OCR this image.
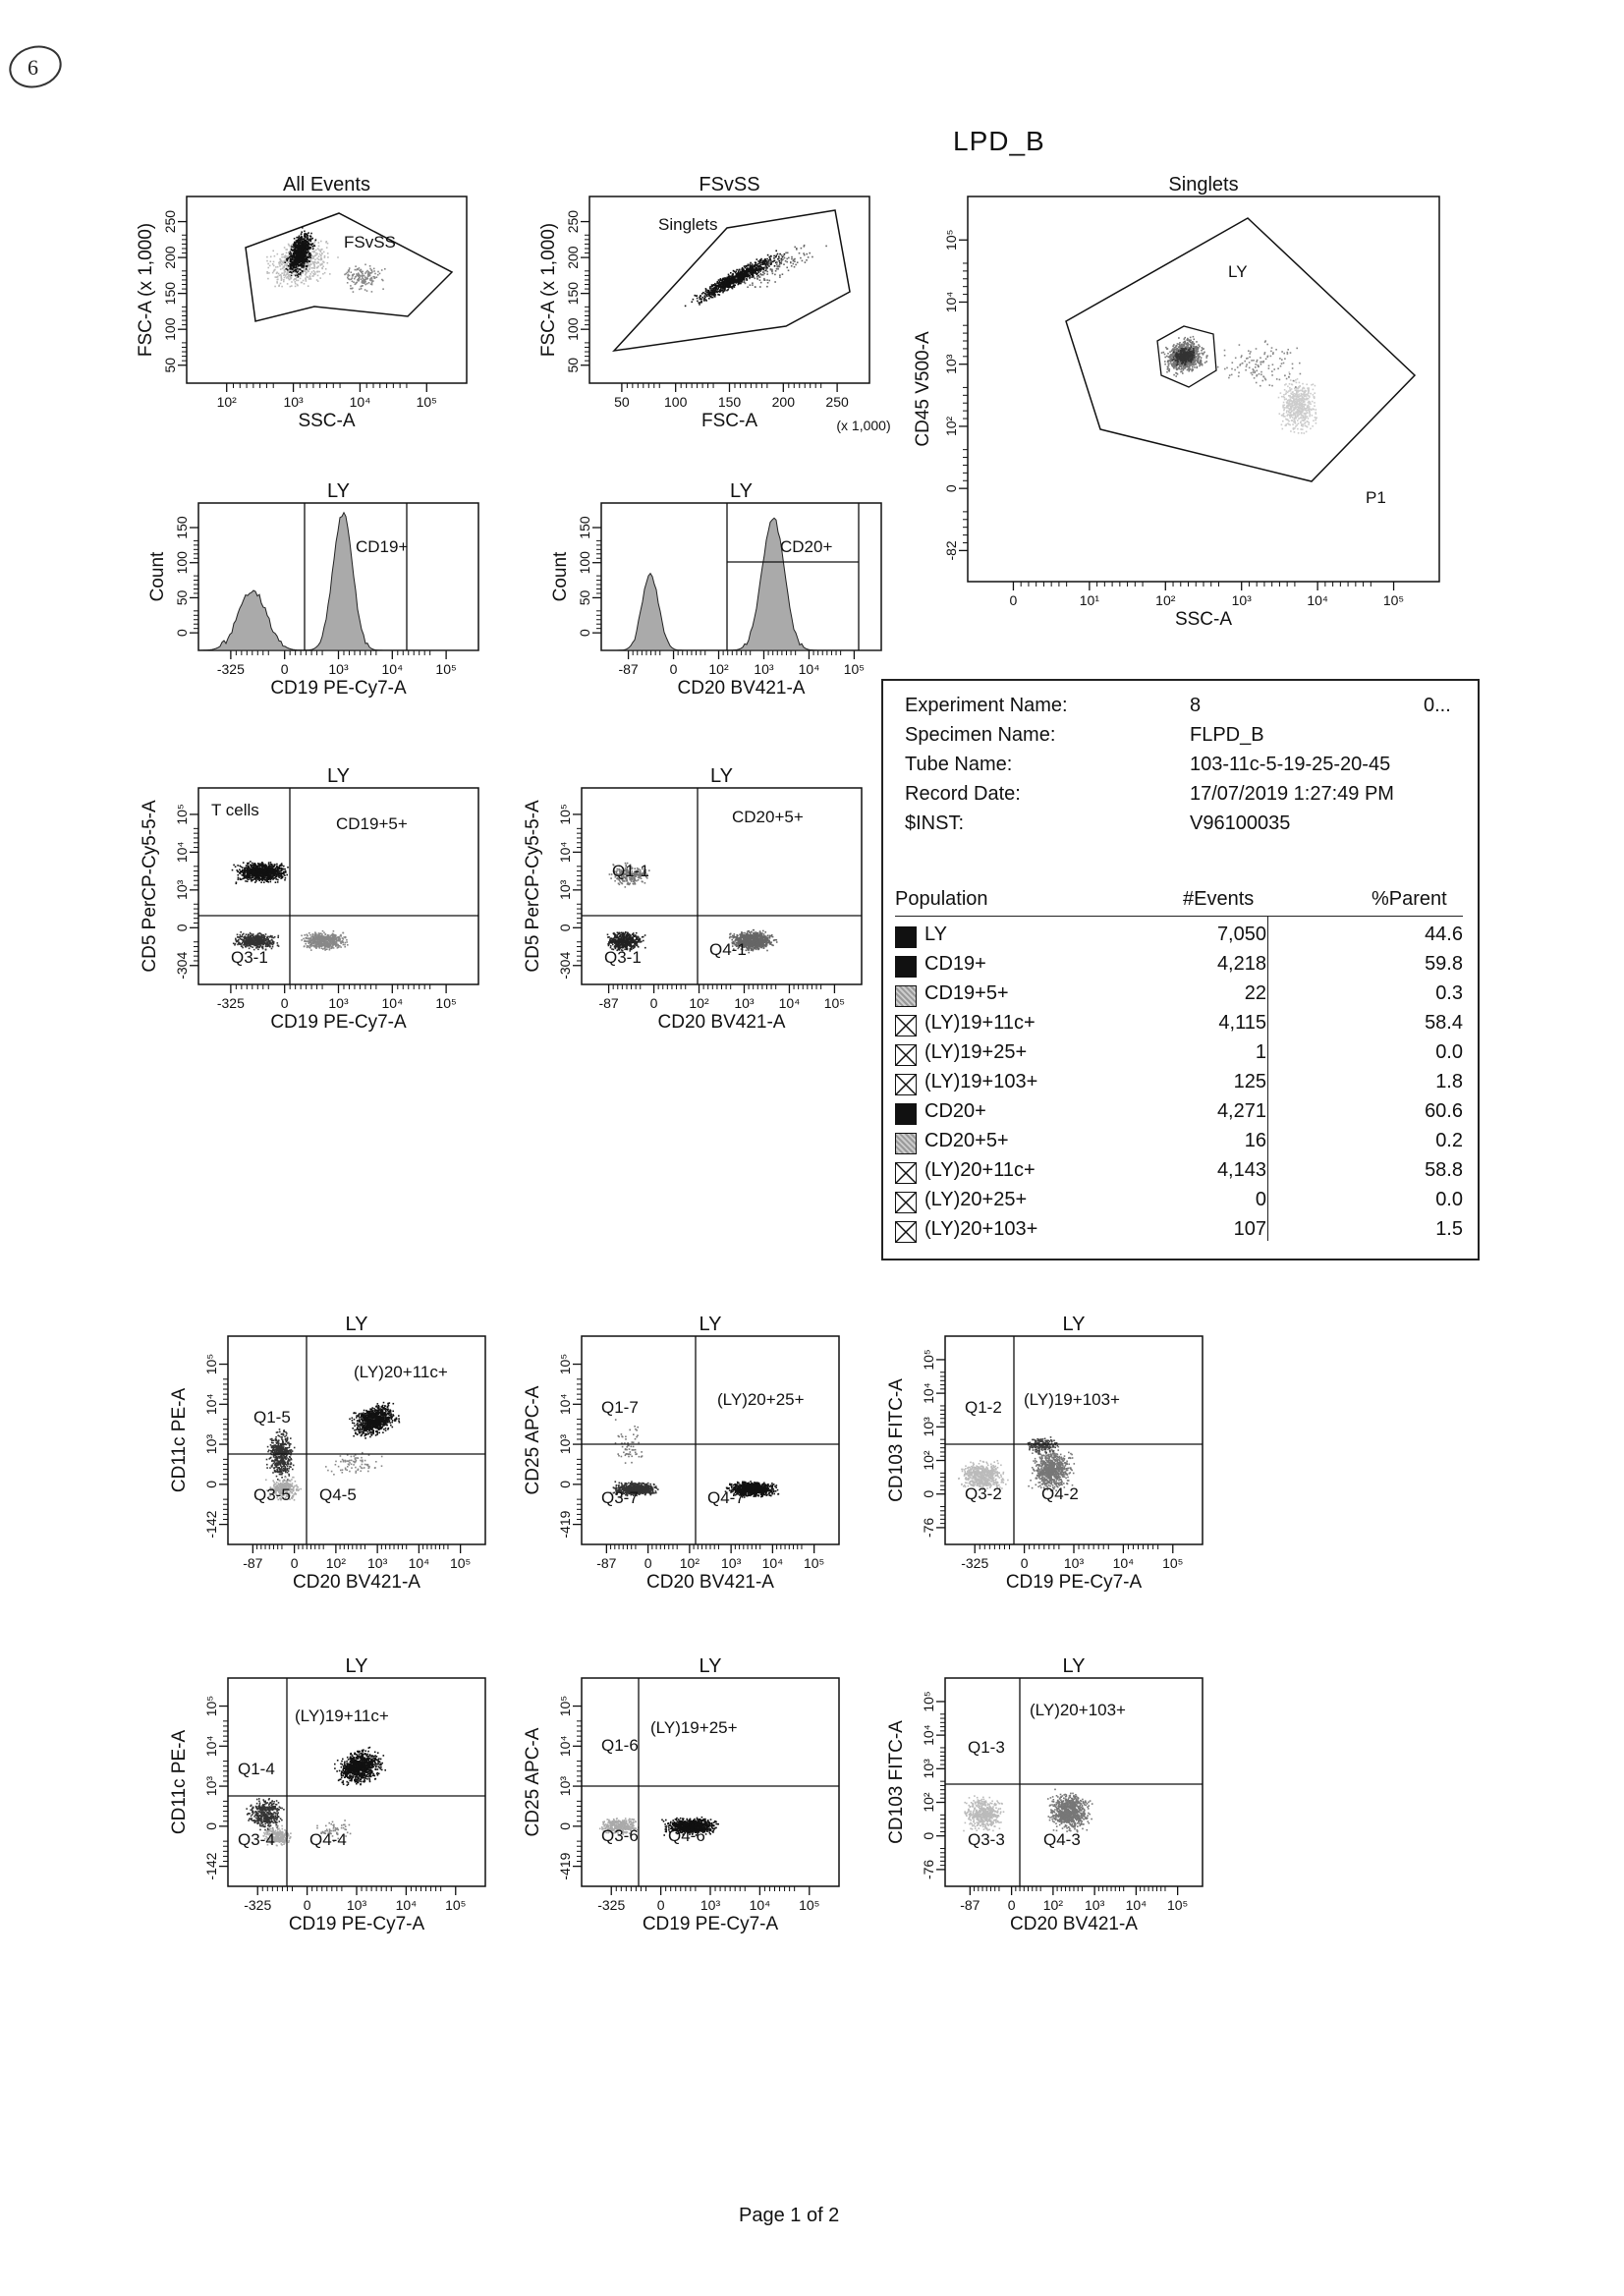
6
LPD_B
All Events
10²	10³	10⁴	10⁵
SSC-A
50
100
150
200
250
FSC-A (x 1,000)	FSvSS
FSvSS
50	100 150 200 250
FSC-A	(x 1,000)
50
100
150
200
250
FSC-A (x 1,000)	Singlets
Singlets
0	10¹	10²	10³	10⁴	10⁵
SSC-A
-82
0
10²
10³
10⁴
10⁵
CD45 V500-A
LY
P1
LY
-325	0	10³ 10⁴ 10⁵
CD19 PE-Cy7-A
0
50
100
150
Count
CD19+
LY
-87 0 10² 10³ 10⁴ 10⁵
CD20 BV421-A
0
50
100
150
Count
CD20+
LY
-325	0	10³ 10⁴ 10⁵
CD19 PE-Cy7-A
-304
0
10³
10⁴
10⁵
CD5 PerCP-Cy5-5-A	T cells
CD19+5+
Q3-1
LY
-87 0 10² 10³ 10⁴ 10⁵
CD20 BV421-A
-304
0
10³
10⁴
10⁵
CD5 PerCP-Cy5-5-A	CD20+5+
Q1-1
Q3-1	Q4-1
LY
-87 0 10² 10³ 10⁴ 10⁵
CD20 BV421-A
-142
0
10³
10⁴
10⁵
CD11c PE-A
(LY)20+11c+
Q1-5
Q3-5 Q4-5
LY
-87 0 10² 10³ 10⁴ 10⁵
CD20 BV421-A
-419
0
10³
10⁴
10⁵
CD25 APC-A	(LY)20+25+
Q1-7
Q3-7	Q4-7
LY
-325 0	10³ 10⁴ 10⁵
CD19 PE-Cy7-A
-76
0
10²
10³
10⁴
10⁵
CD103 FITC-A	(LY)19+103+
Q1-2
Q3-2 Q4-2
LY
-325 0	10³ 10⁴ 10⁵
CD19 PE-Cy7-A
-142
0
10³
10⁴
10⁵
CD11c PE-A
(LY)19+11c+
Q1-4
Q3-4 Q4-4
LY
-325 0	10³ 10⁴ 10⁵
CD19 PE-Cy7-A
-419
0
10³
10⁴
10⁵
CD25 APC-A
(LY)19+25+
Q1-6
Q3-6 Q4-6
LY
-87 0 10² 10³ 10⁴ 10⁵
CD20 BV421-A
-76
0
10²
10³
10⁴
10⁵
CD103 FITC-A
(LY)20+103+
Q1-3
Q3-3 Q4-3
Experiment Name:	8	0...
Specimen Name:	FLPD_B
Tube Name:	103-11c-5-19-25-20-45
Record Date:	17/07/2019 1:27:49 PM
$INST:	V96100035
Population	#Events	%Parent
LY	7,050	44.6
CD19+	4,218	59.8
CD19+5+	22	0.3
(LY)19+11c+	4,115	58.4
(LY)19+25+	1	0.0
(LY)19+103+	125	1.8
CD20+	4,271	60.6
CD20+5+	16	0.2
(LY)20+11c+	4,143	58.8
(LY)20+25+	0	0.0
(LY)20+103+	107	1.5
Page 1 of 2
